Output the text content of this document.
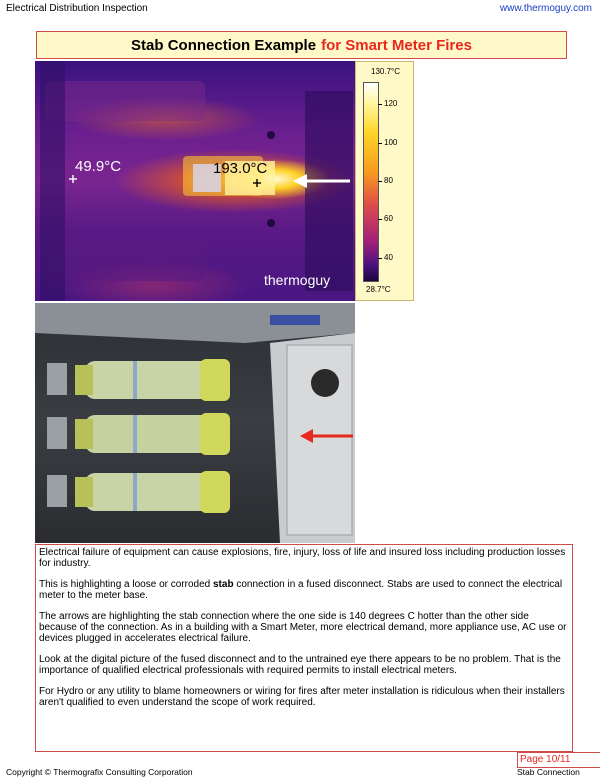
Electrical Distribution Inspection	www.thermoguy.com
Stab Connection Example for Smart Meter Fires
49.9°C	193.0°C
thermoguy
130.7°C
120
100
80
60
40
28.7°C

Electrical failure of equipment can cause explosions, fire, injury, loss of life and insured loss including production losses for industry.

This is highlighting a loose or corroded stab connection in a fused disconnect. Stabs are used to connect the electrical meter to the meter base.

The arrows are highlighting the stab connection where the one side is 140 degrees C hotter than the other side because of the connection. As in a building with a Smart Meter, more electrical demand, more appliance use, AC use or devices plugged in accelerates electrical failure.

Look at the digital picture of the fused disconnect and to the untrained eye there appears to be no problem. That is the importance of qualified electrical professionals with required permits to install electrical meters.

For Hydro or any utility to blame homeowners or wiring for fires after meter installation is ridiculous when their installers aren't qualified to even understand the scope of work required.

Page 10/11
Copyright © Thermografix Consulting Corporation	Stab Connection
